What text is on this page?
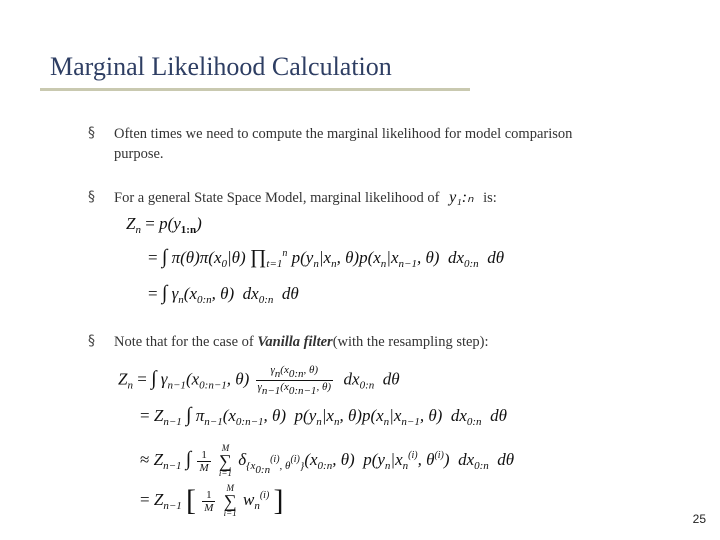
Marginal Likelihood Calculation
§ Often times we need to compute the marginal likelihood for model comparison
purpose.
§ For a general State Space Model, marginal likelihood of y₁:ₙ is:
$Z_n = p(y_{1:n})$
= ∫ $\pi(\theta)\pi(x_0|\theta)$ $\prod_{t=1}^n$ $p(y_n|x_n$, $\theta)p(x_n|x_{n-1}$, θ)  $dx_{0:n}$  dθ
= ∫ $\gamma_n(x_{0:n}$, θ)  $dx_{0:n}$  dθ
§ Note that for the case of Vanilla filter(with the resampling step):
$Z_n$ = ∫ $\gamma_{n-1}(x_{0:n-1}$, $\theta) \frac{\gamma_n(x_{0:n}, \theta)}{\gamma_{n-1}(x_{0:n-1}, \theta)} dx_{0:n}$  dθ
= $Z_{n-1}$ ∫ $\pi_{n-1}(x_{0:n-1}$, θ)  $p(y_n|x_n$, $\theta)p(x_n|x_{n-1}$, θ)  $dx_{0:n}$  dθ
≈ $Z_{n-1}$ ∫ $\frac{1}{M}$

M
∑
i=1
$\delta_{\{x_{0:n}^{(i)}, \theta^{(i)}\}}(x_{0:n}$, θ)  $p(y_n|x_n^{(i)}$, $\theta^{(i)}$)  $dx_{0:n}$  dθ
= $Z_{n-1}$ [ $\frac{1}{M}$

M
∑
i=1
$w_n^{(i)}$ ]
25
